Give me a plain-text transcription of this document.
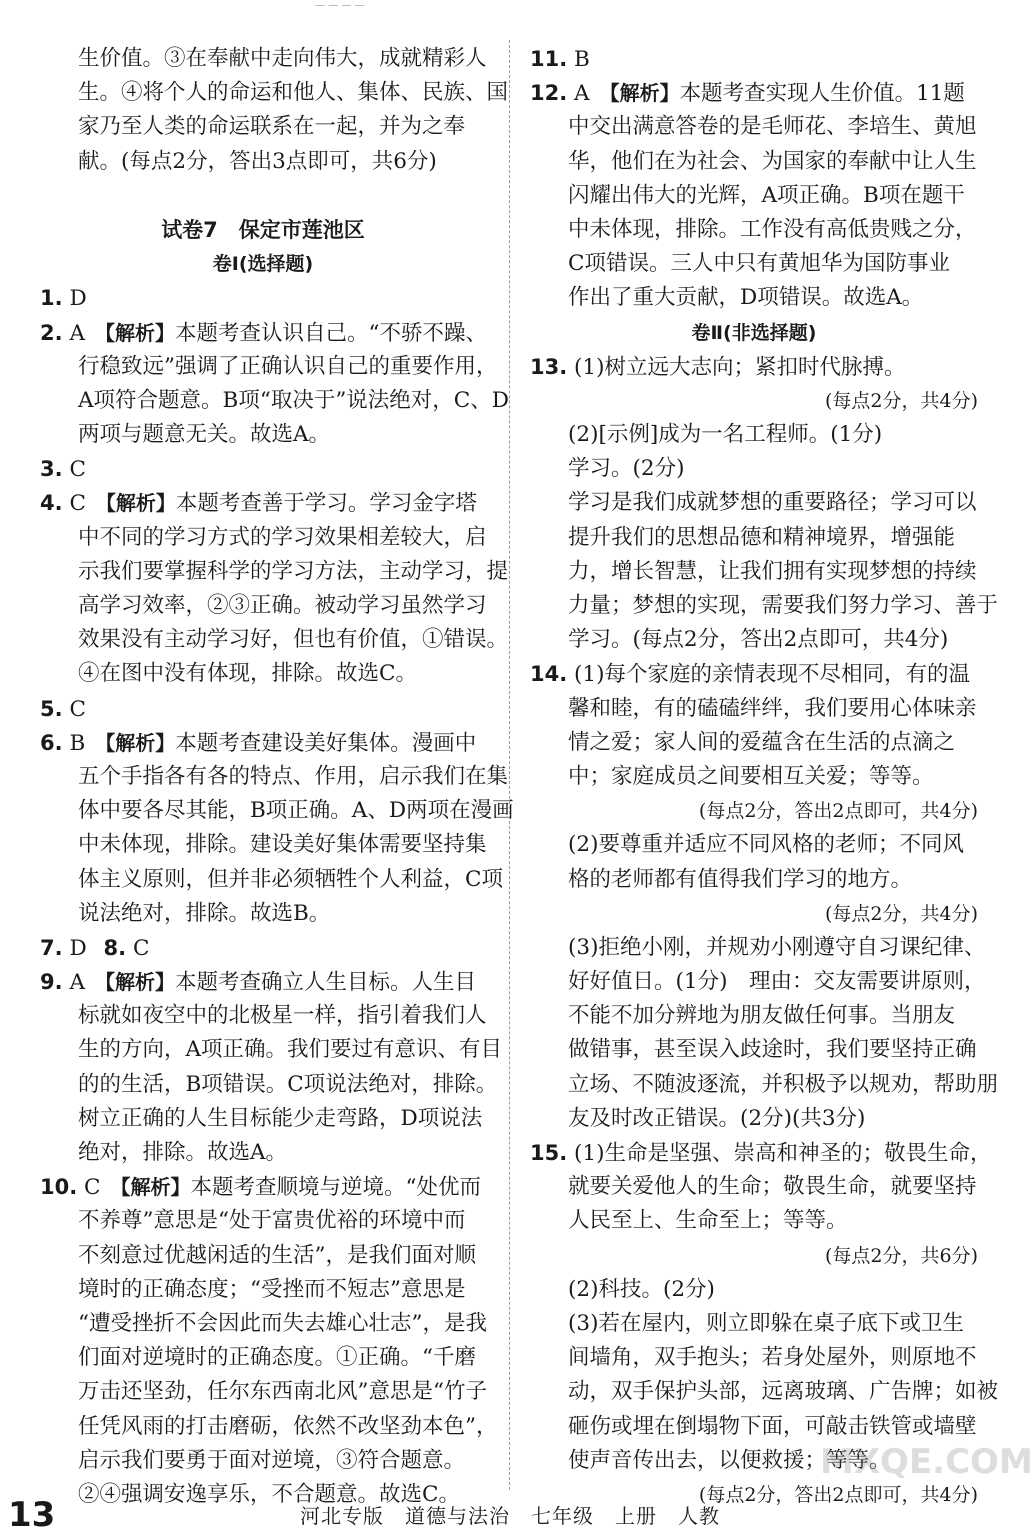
— — — —
生价值。③在奉献中走向伟大，成就精彩人
生。④将个人的命运和他人、集体、民族、国
家乃至人类的命运联系在一起，并为之奉
献。(每点2分，答出3点即可，共6分)
试卷7　保定市莲池区
卷Ⅰ(选择题)
1. D
2. A 【解析】本题考查认识自己。“不骄不躁、
行稳致远”强调了正确认识自己的重要作用，
A项符合题意。B项“取决于”说法绝对，C、D
两项与题意无关。故选A。
3. C
4. C 【解析】本题考查善于学习。学习金字塔
中不同的学习方式的学习效果相差较大，启
示我们要掌握科学的学习方法，主动学习，提
高学习效率，②③正确。被动学习虽然学习
效果没有主动学习好，但也有价值，①错误。
④在图中没有体现，排除。故选C。
5. C
6. B 【解析】本题考查建设美好集体。漫画中
五个手指各有各的特点、作用，启示我们在集
体中要各尽其能，B项正确。A、D两项在漫画
中未体现，排除。建设美好集体需要坚持集
体主义原则，但并非必须牺牲个人利益，C项
说法绝对，排除。故选B。
7. D 8. C
9. A 【解析】本题考查确立人生目标。人生目
标就如夜空中的北极星一样，指引着我们人
生的方向，A项正确。我们要过有意识、有目
的的生活，B项错误。C项说法绝对，排除。
树立正确的人生目标能少走弯路，D项说法
绝对，排除。故选A。
10. C 【解析】本题考查顺境与逆境。“处优而
不养尊”意思是“处于富贵优裕的环境中而
不刻意过优越闲适的生活”，是我们面对顺
境时的正确态度；“受挫而不短志”意思是
“遭受挫折不会因此而失去雄心壮志”，是我
们面对逆境时的正确态度。①正确。“千磨
万击还坚劲，任尔东西南北风”意思是“竹子
任凭风雨的打击磨砺，依然不改坚劲本色”，
启示我们要勇于面对逆境，③符合题意。
②④强调安逸享乐，不合题意。故选C。
11. B
12. A 【解析】本题考查实现人生价值。11题
中交出满意答卷的是毛师花、李培生、黄旭
华，他们在为社会、为国家的奉献中让人生
闪耀出伟大的光辉，A项正确。B项在题干
中未体现，排除。工作没有高低贵贱之分，
C项错误。三人中只有黄旭华为国防事业
作出了重大贡献，D项错误。故选A。
卷Ⅱ(非选择题)
13. (1)树立远大志向；紧扣时代脉搏。
(每点2分，共4分)
(2)[示例]成为一名工程师。(1分)
学习。(2分)
学习是我们成就梦想的重要路径；学习可以
提升我们的思想品德和精神境界，增强能
力，增长智慧，让我们拥有实现梦想的持续
力量；梦想的实现，需要我们努力学习、善于
学习。(每点2分，答出2点即可，共4分)
14. (1)每个家庭的亲情表现不尽相同，有的温
馨和睦，有的磕磕绊绊，我们要用心体味亲
情之爱；家人间的爱蕴含在生活的点滴之
中；家庭成员之间要相互关爱；等等。
(每点2分，答出2点即可，共4分)
(2)要尊重并适应不同风格的老师；不同风
格的老师都有值得我们学习的地方。
(每点2分，共4分)
(3)拒绝小刚，并规劝小刚遵守自习课纪律、
好好值日。(1分)　理由：交友需要讲原则，
不能不加分辨地为朋友做任何事。当朋友
做错事，甚至误入歧途时，我们要坚持正确
立场、不随波逐流，并积极予以规劝，帮助朋
友及时改正错误。(2分)(共3分)
15. (1)生命是坚强、崇高和神圣的；敬畏生命，
就要关爱他人的生命；敬畏生命，就要坚持
人民至上、生命至上；等等。
(每点2分，共6分)
(2)科技。(2分)
(3)若在屋内，则立即躲在桌子底下或卫生
间墙角，双手抱头；若身处屋外，则原地不
动，双手保护头部，远离玻璃、广告牌；如被
砸伤或埋在倒塌物下面，可敲击铁管或墙壁
使声音传出去，以便救援；等等。
(每点2分，答出2点即可，共4分)
13	河北专版　道德与法治　七年级　上册　人教
MXQE.COM
